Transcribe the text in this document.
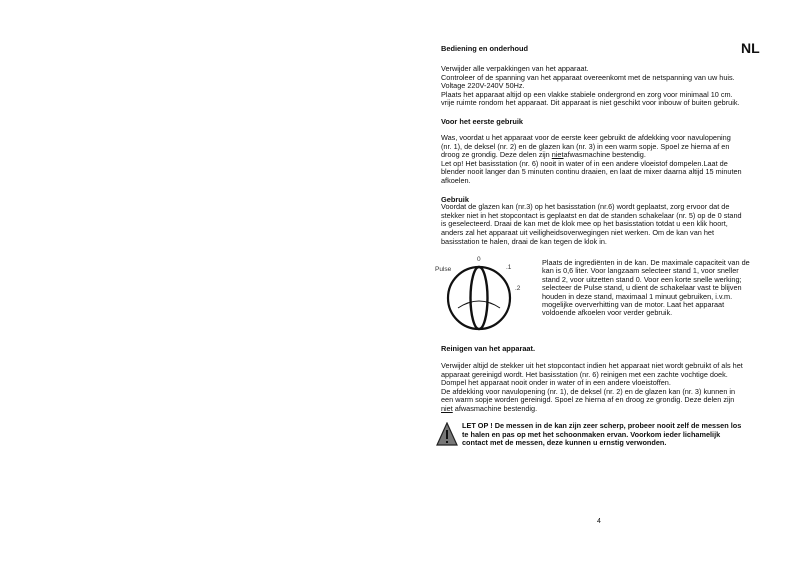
NL
Bediening en onderhoud
Verwijder alle verpakkingen van het apparaat.
Controleer of de spanning van het apparaat overeenkomt met de netspanning van uw huis.
Voltage 220V-240V 50Hz.
Plaats het apparaat altijd op een vlakke stabiele ondergrond en zorg voor minimaal 10 cm.
vrije ruimte rondom het apparaat. Dit apparaat is niet geschikt voor inbouw of buiten gebruik.
Voor het eerste gebruik
Was, voordat u het apparaat voor de eerste keer gebruikt de afdekking voor navulopening
(nr. 1), de deksel (nr. 2) en de glazen kan (nr. 3) in een warm sopje. Spoel ze hierna af en
droog ze grondig. Deze delen zijn nietafwasmachine bestendig.
Let op! Het basisstation (nr. 6) nooit in water of in een andere vloeistof dompelen.Laat de
blender nooit langer dan 5 minuten continu draaien, en laat de mixer daarna altijd 15 minuten
afkoelen.
Gebruik
Voordat de glazen kan (nr.3) op het basisstation (nr.6) wordt geplaatst, zorg ervoor dat de
stekker niet in het stopcontact is geplaatst en dat de standen schakelaar (nr. 5) op de 0 stand
is geselecteerd. Draai de kan met de klok mee op het basisstation totdat u een klik hoort,
anders zal het apparaat uit veiligheidsoverwegingen niet werken. Om de kan van het
basisstation te halen, draai de kan tegen de klok in.
Pulse
0
.1
.2
Plaats de ingrediënten in de kan. De maximale capaciteit van de
kan is 0,6 liter. Voor langzaam selecteer stand 1, voor sneller
stand 2, voor uitzetten stand 0. Voor een korte snelle werking;
selecteer de Pulse stand, u dient de schakelaar vast te blijven
houden in deze stand, maximaal 1 minuut gebruiken, i.v.m.
mogelijke oververhitting van de motor. Laat het apparaat
voldoende afkoelen voor verder gebruik.
Reinigen van het apparaat.
Verwijder altijd de stekker uit het stopcontact indien het apparaat niet wordt gebruikt of als het
apparaat gereinigd wordt. Het basisstation (nr. 6) reinigen met een zachte vochtige doek.
Dompel het apparaat nooit onder in water of in een andere vloeistoffen.
De afdekking voor navulopening (nr. 1), de deksel (nr. 2) en de glazen kan (nr. 3) kunnen in
een warm sopje worden gereinigd. Spoel ze hierna af en droog ze grondig. Deze delen zijn
niet afwasmachine bestendig.
LET OP ! De messen in de kan zijn zeer scherp, probeer nooit zelf de messen los
te halen en pas op met het schoonmaken ervan. Voorkom ieder lichamelijk
contact met de messen, deze kunnen u ernstig verwonden.
4
